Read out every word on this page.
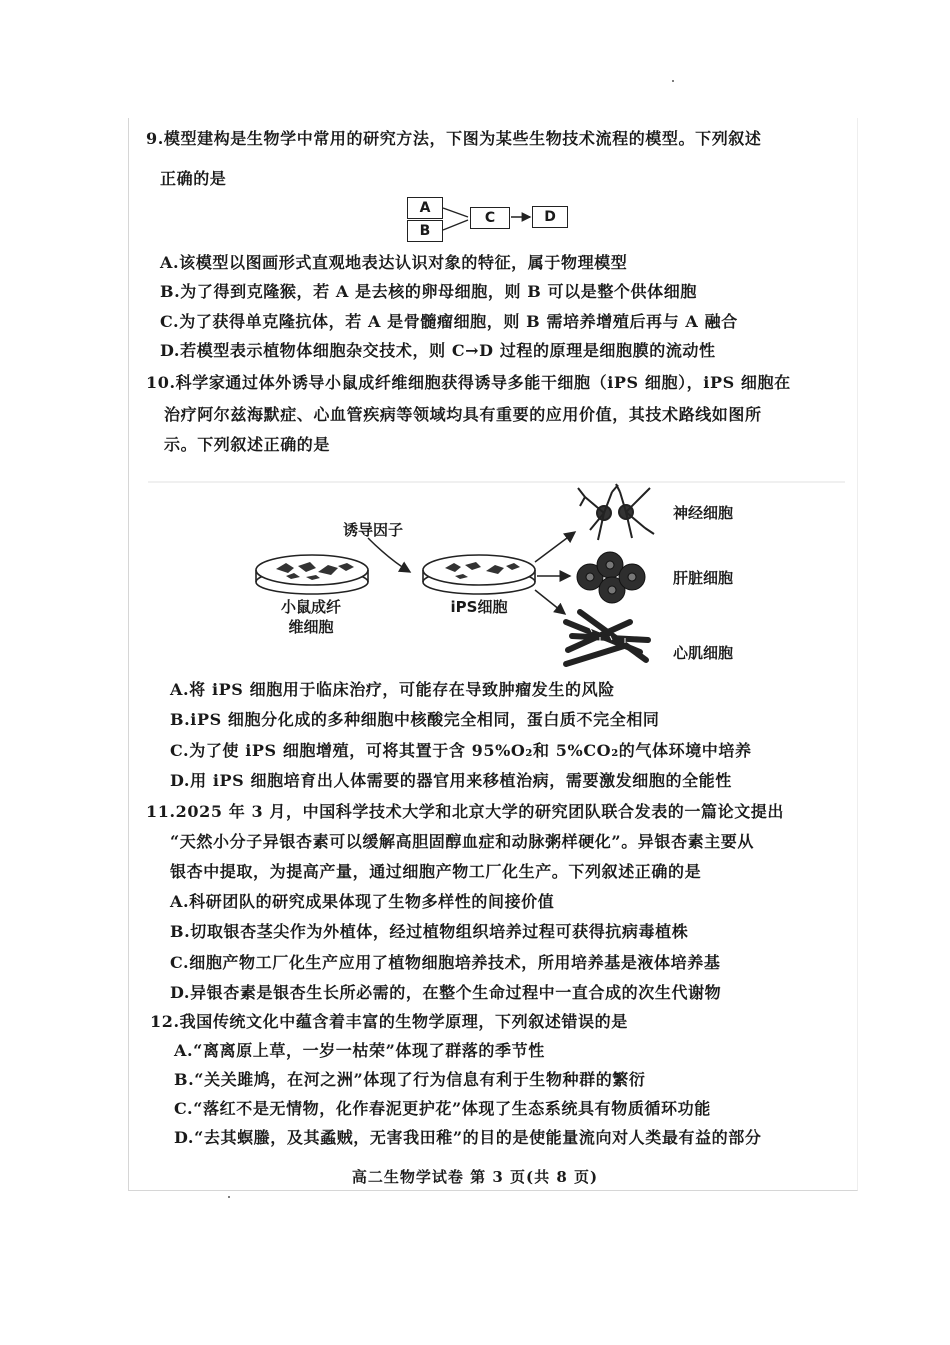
9.模型建构是生物学中常用的研究方法，下图为某些生物技术流程的模型。下列叙述
正确的是
A
B
C	D
A.该模型以图画形式直观地表达认识对象的特征，属于物理模型
B.为了得到克隆猴，若 A 是去核的卵母细胞，则 B 可以是整个供体细胞
C.为了获得单克隆抗体，若 A 是骨髓瘤细胞，则 B 需培养增殖后再与 A 融合
D.若模型表示植物体细胞杂交技术，则 C→D 过程的原理是细胞膜的流动性
10.科学家通过体外诱导小鼠成纤维细胞获得诱导多能干细胞（iPS 细胞），iPS 细胞在
治疗阿尔兹海默症、心血管疾病等领域均具有重要的应用价值，其技术路线如图所
示。下列叙述正确的是
诱导因子
小鼠成纤
维细胞
iPS细胞
神经细胞
肝脏细胞
心肌细胞
A.将 iPS 细胞用于临床治疗，可能存在导致肿瘤发生的风险
B.iPS 细胞分化成的多种细胞中核酸完全相同，蛋白质不完全相同
C.为了使 iPS 细胞增殖，可将其置于含 95%O₂和 5%CO₂的气体环境中培养
D.用 iPS 细胞培育出人体需要的器官用来移植治病，需要激发细胞的全能性
11.2025 年 3 月，中国科学技术大学和北京大学的研究团队联合发表的一篇论文提出
“天然小分子异银杏素可以缓解高胆固醇血症和动脉粥样硬化”。异银杏素主要从
银杏中提取，为提高产量，通过细胞产物工厂化生产。下列叙述正确的是
A.科研团队的研究成果体现了生物多样性的间接价值
B.切取银杏茎尖作为外植体，经过植物组织培养过程可获得抗病毒植株
C.细胞产物工厂化生产应用了植物细胞培养技术，所用培养基是液体培养基
D.异银杏素是银杏生长所必需的，在整个生命过程中一直合成的次生代谢物
12.我国传统文化中蕴含着丰富的生物学原理，下列叙述错误的是
A.“离离原上草，一岁一枯荣”体现了群落的季节性
B.“关关雎鸠，在河之洲”体现了行为信息有利于生物种群的繁衍
C.“落红不是无情物，化作春泥更护花”体现了生态系统具有物质循环功能
D.“去其螟螣，及其蟊贼，无害我田稚”的目的是使能量流向对人类最有益的部分
高二生物学试卷 第 3 页(共 8 页)
